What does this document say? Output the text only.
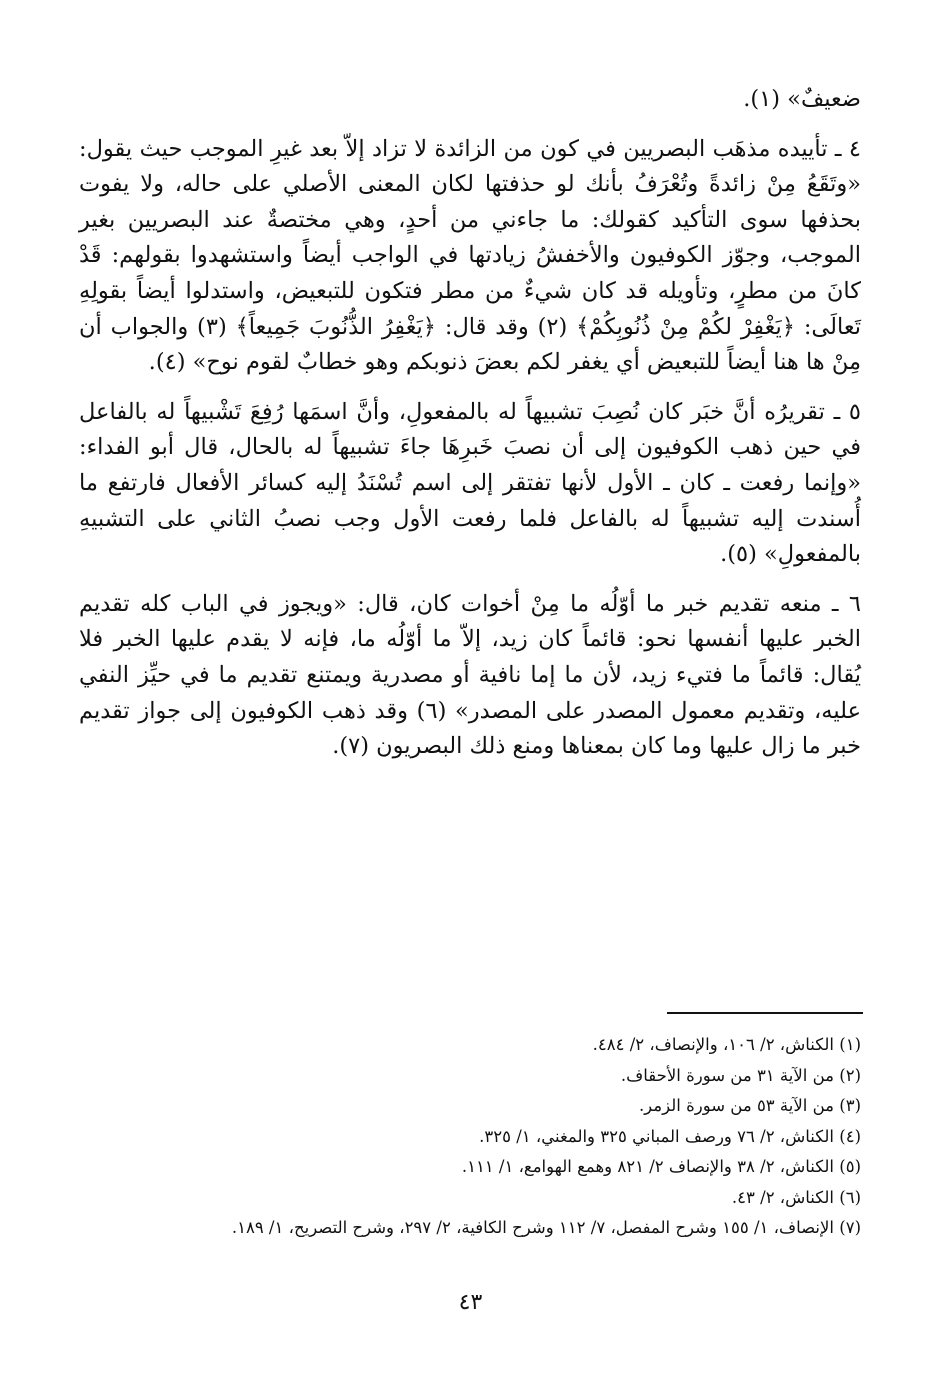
ضعيفٌ» (١).

٤ ـ تأييده مذهَب البصريين في كون من الزائدة لا تزاد إلاّ بعد غيرِ الموجب حيث يقول: «وتَقَعُ مِنْ زائدةً وتُعْرَفُ بأنك لو حذفتها لكان المعنى الأصلي على حاله، ولا يفوت بحذفها سوى التأكيد كقولك: ما جاءني من أحدٍ، وهي مختصةٌ عند البصريين بغير الموجب، وجوّز الكوفيون والأخفشُ زيادتها في الواجب أيضاً واستشهدوا بقولهم: قَدْ كانَ من مطرٍ، وتأويله قد كان شيءٌ من مطر فتكون للتبعيض، واستدلوا أيضاً بقولِهِ تَعالَى: ﴿يَغْفِرْ لكُمْ مِنْ ذُنُوبِكُمْ﴾ (٢) وقد قال: ﴿يَغْفِرُ الذُّنُوبَ جَمِيعاً﴾ (٣) والجواب أن مِنْ ها هنا أيضاً للتبعيض أي يغفر لكم بعضَ ذنوبكم وهو خطابٌ لقوم نوح» (٤).

٥ ـ تقريرُه أنَّ خبَر كان نُصِبَ تشبيهاً له بالمفعولِ، وأنَّ اسمَها رُفِعَ تَشْبيهاً له بالفاعل في حين ذهب الكوفيون إلى أن نصبَ خَبرِهَا جاءَ تشبيهاً له بالحال، قال أبو الفداء: «وإنما رفعت ـ كان ـ الأول لأنها تفتقر إلى اسم تُسْنَدُ إليه كسائر الأفعال فارتفع ما أُسندت إليه تشبيهاً له بالفاعل فلما رفعت الأول وجب نصبُ الثاني على التشبيهِ بالمفعولِ» (٥).

٦ ـ منعه تقديم خبر ما أوّلُه ما مِنْ أخوات كان، قال: «ويجوز في الباب كله تقديم الخبر عليها أنفسها نحو: قائماً كان زيد، إلاّ ما أوّلُه ما، فإنه لا يقدم عليها الخبر فلا يُقال: قائماً ما فتيء زيد، لأن ما إما نافية أو مصدرية ويمتنع تقديم ما في حيِّز النفي عليه، وتقديم معمول المصدر على المصدر» (٦) وقد ذهب الكوفيون إلى جواز تقديم خبر ما زال عليها وما كان بمعناها ومنع ذلك البصريون (٧).

(١) الكناش، ٢/ ١٠٦، والإنصاف، ٢/ ٤٨٤.
(٢) من الآية ٣١ من سورة الأحقاف.
(٣) من الآية ٥٣ من سورة الزمر.
(٤) الكناش، ٢/ ٧٦ ورصف المباني ٣٢٥ والمغني، ١/ ٣٢٥.
(٥) الكناش، ٢/ ٣٨ والإنصاف ٢/ ٨٢١ وهمع الهوامع، ١/ ١١١.
(٦) الكناش، ٢/ ٤٣.
(٧) الإنصاف، ١/ ١٥٥ وشرح المفصل، ٧/ ١١٢ وشرح الكافية، ٢/ ٢٩٧، وشرح التصريح، ١/ ١٨٩.
٤٣
